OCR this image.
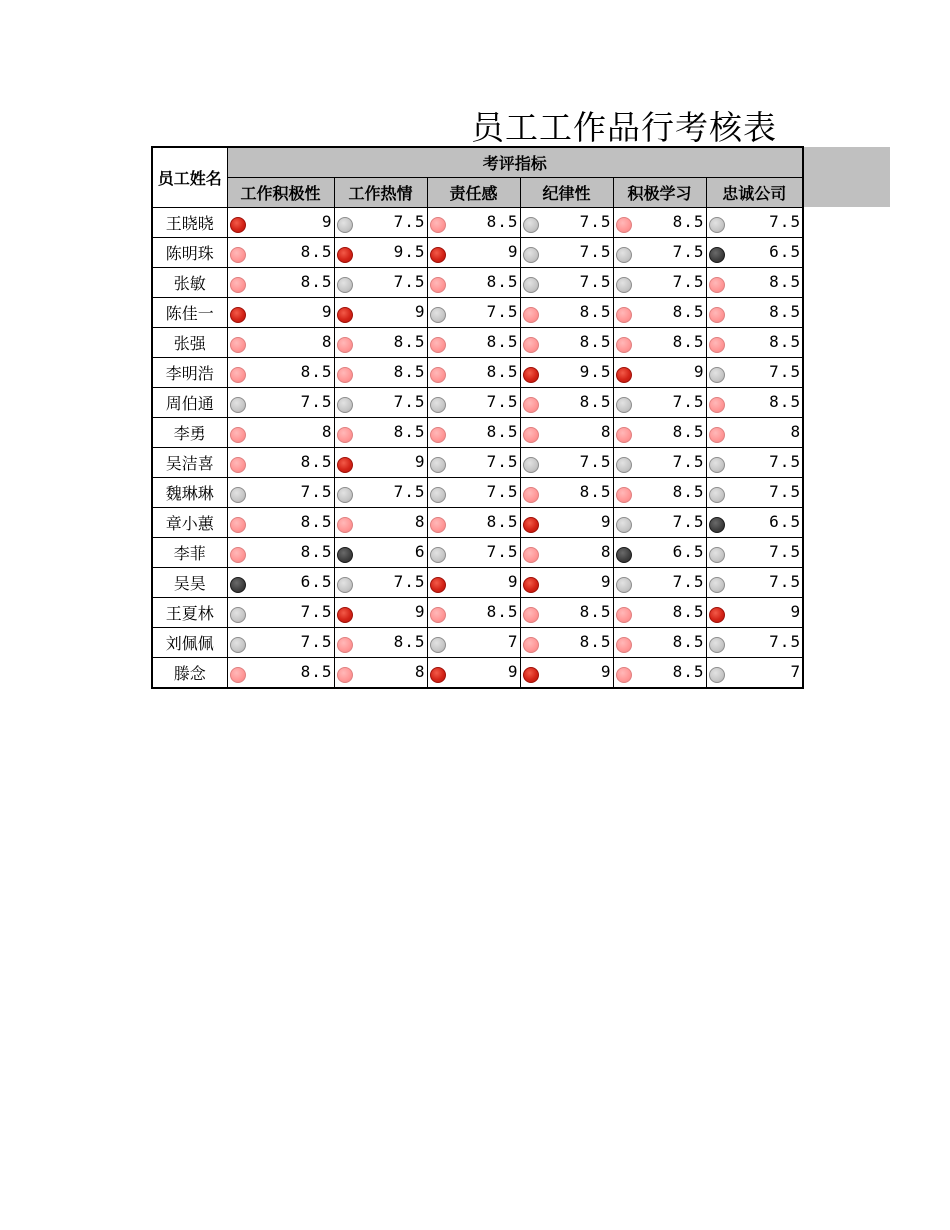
员工工作品行考核表
员工姓名	考评指标					
	工作积极性	工作热情	责任感	纪律性	积极学习	忠诚公司
王晓晓	9	7.5	8.5	7.5	8.5	7.5

陈明珠	8.5	9.5	9	7.5	7.5	6.5

张敏	8.5	7.5	8.5	7.5	7.5	8.5

陈佳一	9	9	7.5	8.5	8.5	8.5

张强	8	8.5	8.5	8.5	8.5	8.5

李明浩	8.5	8.5	8.5	9.5	9	7.5

周伯通	7.5	7.5	7.5	8.5	7.5	8.5

李勇	8	8.5	8.5	8	8.5	8

吴洁喜	8.5	9	7.5	7.5	7.5	7.5

魏琳琳	7.5	7.5	7.5	8.5	8.5	7.5

章小蕙	8.5	8	8.5	9	7.5	6.5

李菲	8.5	6	7.5	8	6.5	7.5

吴昊	6.5	7.5	9	9	7.5	7.5

王夏林	7.5	9	8.5	8.5	8.5	9

刘佩佩	7.5	8.5	7	8.5	8.5	7.5

滕念	8.5	8	9	9	8.5	7
